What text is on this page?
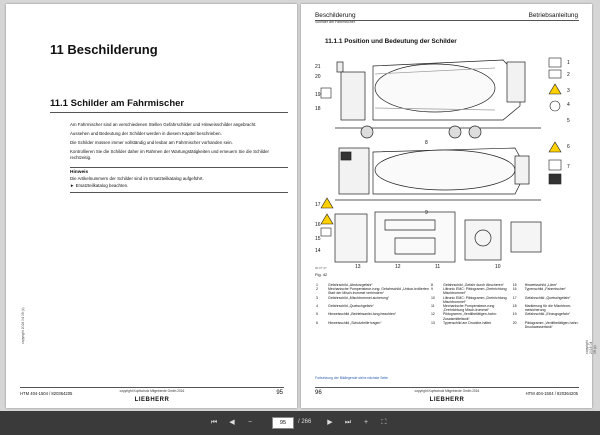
11 Beschilderung
11.1 Schilder am Fahrmischer
Am Fahrmischer sind an verschiedenen Stellen Gefahrschilder und Hinweisschilder angebracht.
Aussehen und Bedeutung der Schilder werden in diesem Kapitel beschrieben.
Die Schilder müssen immer vollständig und lesbar am Fahrmischer vorhanden sein.
Kontrollieren Sie die Schilder daher im Rahmen der Wartungstätigkeiten und erneuern Sie die Schilder rechtzeitig.
Hinweis
Die Artikelnummern der Schilder sind im Ersatzteilkatalog aufgeführt.
► Ersatzteilkatalog beachten.
copyright 2016 04 09 (c)
HTM 404-1504 / 820364205	copyright Kopfschutz Mitgebende Gmbh 2016
LIEBHERR
95
Beschilderung	Betriebsanleitung
Schilder am Fahrmischer
11.1.1 Position und Bedeutung der Schilder
21
20
19
18
1
2
3
4
5
6
7
8
9
17
16
15
14
13	12	11	10
Fig. 42
90 07 07
1	Gefahrschild „Absturzgefahr“	8	Gefahrschild „Gefahr durch Abscheren“	15	Hinweisschild „Lärm“
2	Mechanische Pumpensteue-rung: Gefahrschild „Unkon-trollierten Start der Misch-trommel verhindern“	9	Liltronic EMC: Piktogramm „Drehrichtung Mischtrommel“	16	Typenschild „Fahrmischer“
3	Gefahrschild „Mischtrommel-sicherung“	10	Liltronic EMC: Piktogramm „Drehrichtung Mischtrommel“	17	Gefahrschild „Quetschgefahr“
4	Gefahrschild „Quetschgefahr“	11	Mechanische Pumpensteue-rung „Drehrichtung Misch-trommel“	18	Markierung für die Mischtrom-melsicherung
5	Hinweisschild „Betriebsanlei-tung beachten“	12	Piktogramm „Ventilbetätigen-hahn: Zusatzmitteltank“	19	Gefahrschild „Einzugsgefahr“
6	Hinweisschild „Schutzbrille tragen“	13	Typenschild am Druckbe-hälter	20	Piktogramm „Ventilbetätigen-hahn: Druckwassertank“
Fortsetzung der Bildlegende siehe nächste Seite
copyright 2016 04 09 (c)
96	copyright Kopfschutz Mitgebende Gmbh 2016
LIEBHERR
HTM 404-1504 / 820364205
⏮	◀	−	95	/ 266	▶	⏭	+	⛶
